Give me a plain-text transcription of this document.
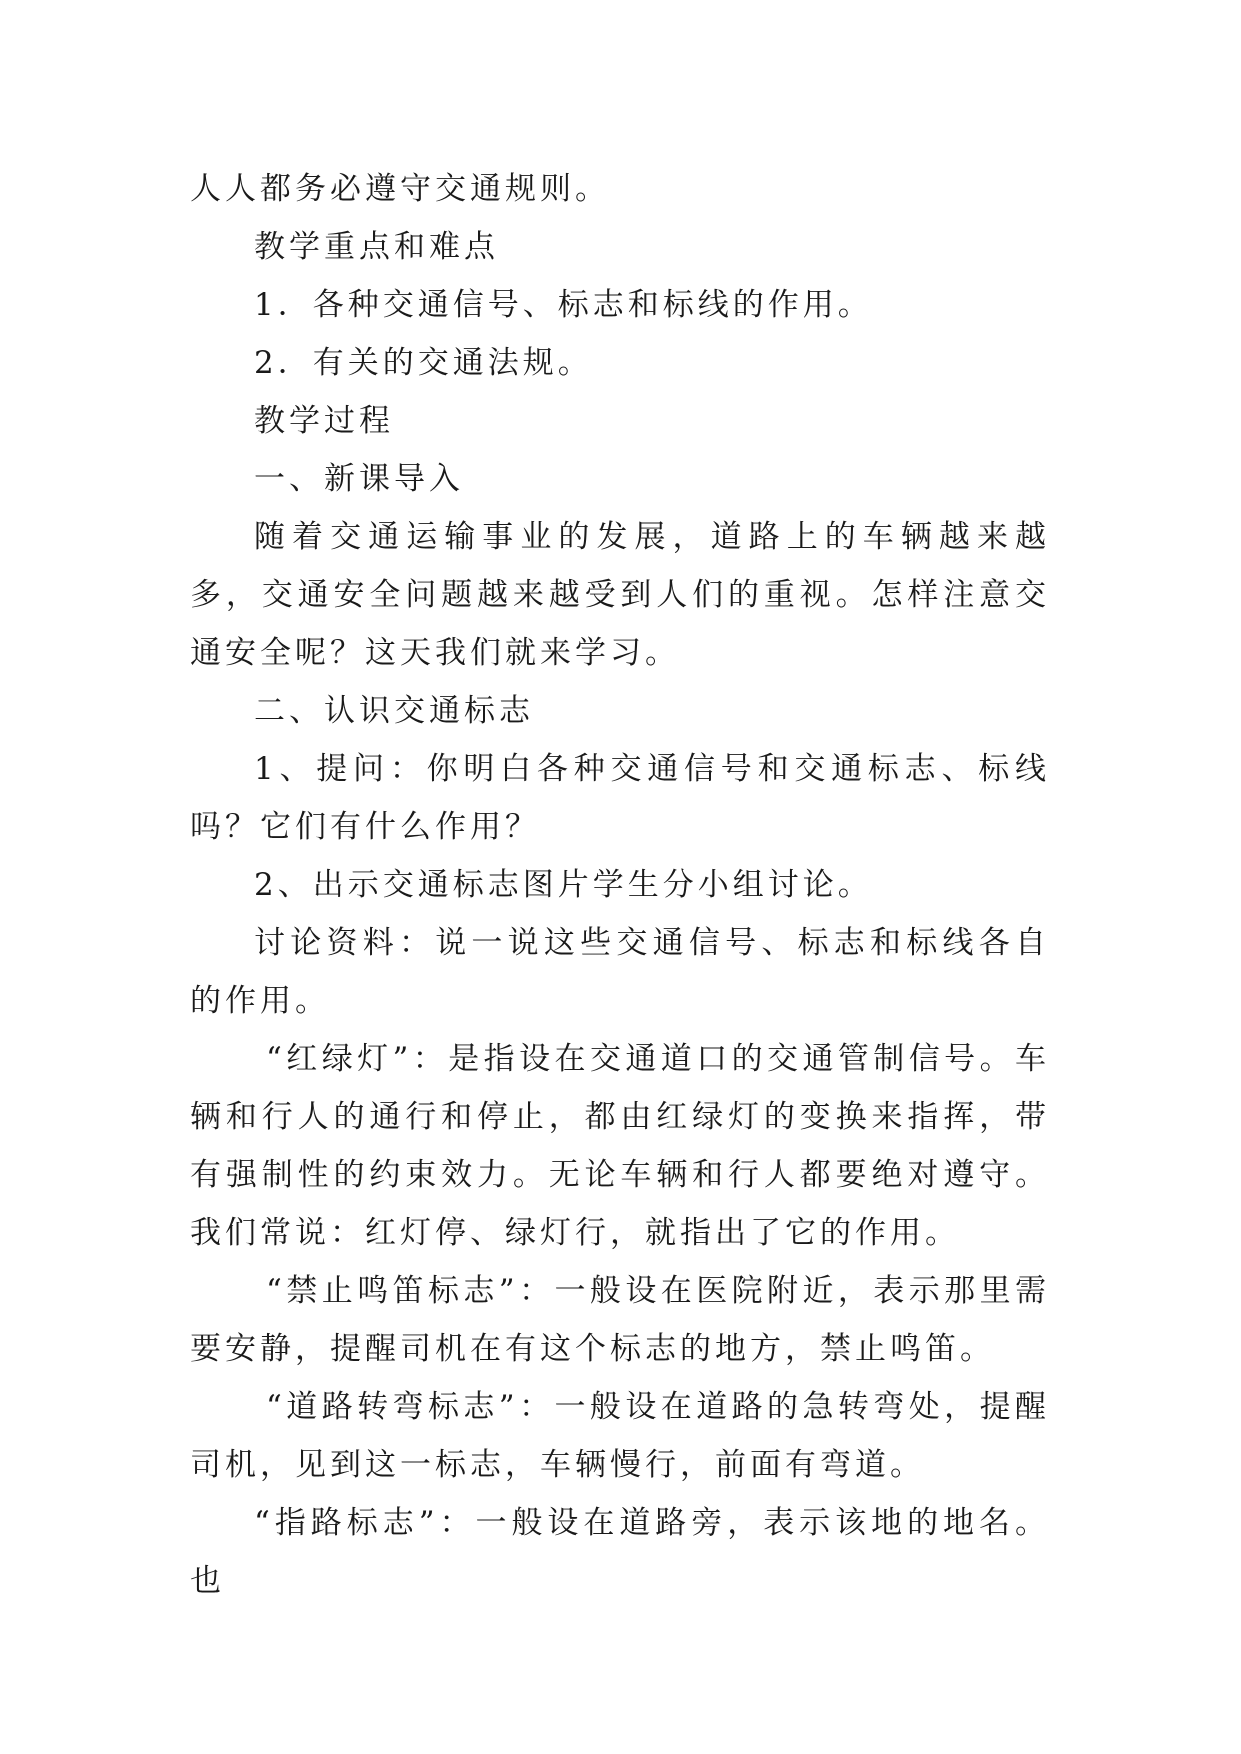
人人都务必遵守交通规则。

教学重点和难点

1．各种交通信号、标志和标线的作用。

2．有关的交通法规。

教学过程

一、新课导入

随着交通运输事业的发展，道路上的车辆越来越多，交通安全问题越来越受到人们的重视。怎样注意交通安全呢？这天我们就来学习。

二、认识交通标志

1、提问：你明白各种交通信号和交通标志、标线吗？它们有什么作用？

2、出示交通标志图片学生分小组讨论。

讨论资料：说一说这些交通信号、标志和标线各自的作用。

“红绿灯”：是指设在交通道口的交通管制信号。车辆和行人的通行和停止，都由红绿灯的变换来指挥，带有强制性的约束效力。无论车辆和行人都要绝对遵守。我们常说：红灯停、绿灯行，就指出了它的作用。

“禁止鸣笛标志”：一般设在医院附近，表示那里需要安静，提醒司机在有这个标志的地方，禁止鸣笛。

“道路转弯标志”：一般设在道路的急转弯处，提醒司机，见到这一标志，车辆慢行，前面有弯道。

“指路标志”：一般设在道路旁，表示该地的地名。也
